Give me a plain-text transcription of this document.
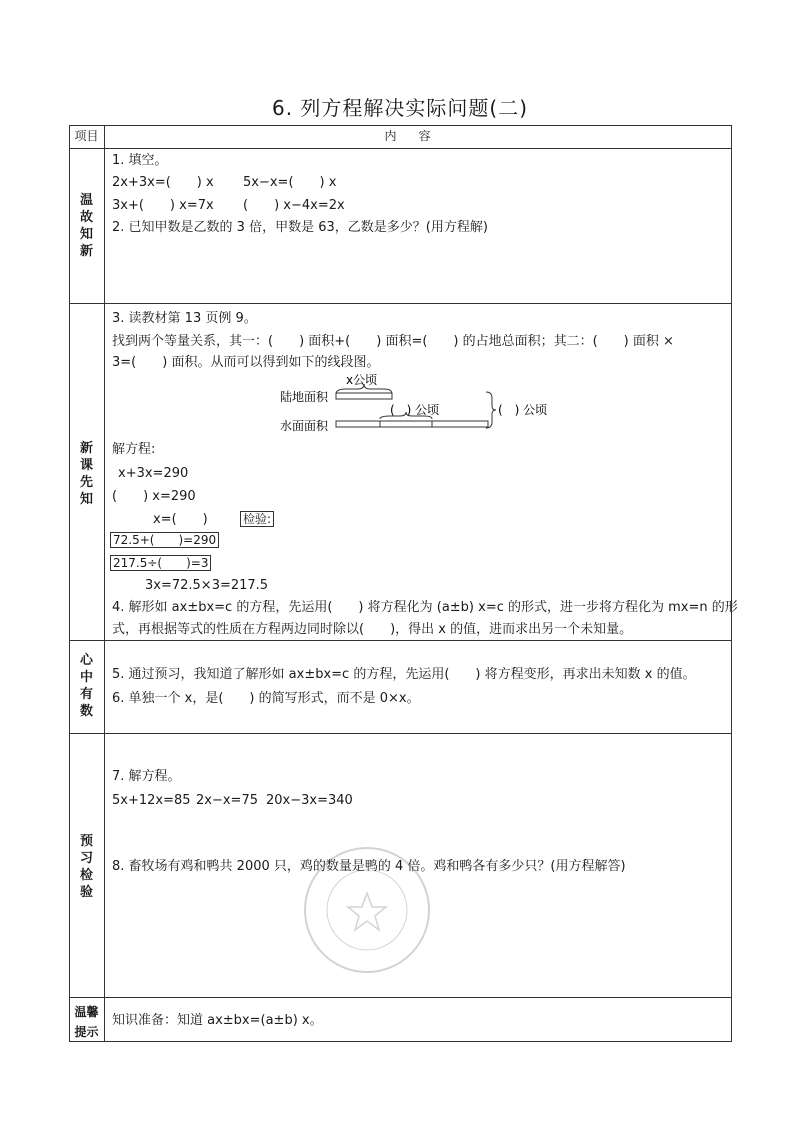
6. 列方程解决实际问题(二)
项目	内容
温
故
知
新
新
课
先
知
心
中
有
数
预
习
检
验
温馨
提示
1. 填空。
2x+3x=(　　) x 5x−x=(　　) x
3x+(　　) x=7x (　　) x−4x=2x
2. 已知甲数是乙数的 3 倍，甲数是 63，乙数是多少？(用方程解)
3. 读教材第 13 页例 9。
找到两个等量关系，其一：(　　) 面积+(　　) 面积=(　　) 的占地总面积；其二：(　　) 面积 ×
3=(　　) 面积。从而可以得到如下的线段图。
x公顷
陆地面积
(　) 公顷
水面面积
(　) 公顷
解方程:
x+3x=290
(　　) x=290
x=(　　)	检验:
72.5+(　　)=290
217.5÷(　　)=3
3x=72.5×3=217.5
4. 解形如 ax±bx=c 的方程，先运用(　　) 将方程化为 (a±b) x=c 的形式，进一步将方程化为 mx=n 的形
式，再根据等式的性质在方程两边同时除以(　　)，得出 x 的值，进而求出另一个未知量。
5. 通过预习，我知道了解形如 ax±bx=c 的方程，先运用(　　) 将方程变形，再求出未知数 x 的值。
6. 单独一个 x，是(　　) 的简写形式，而不是 0×x。
7. 解方程。
5x+12x=85 2x−x=75 20x−3x=340
8. 畜牧场有鸡和鸭共 2000 只，鸡的数量是鸭的 4 倍。鸡和鸭各有多少只？(用方程解答)
知识准备：知道 ax±bx=(a±b) x。
